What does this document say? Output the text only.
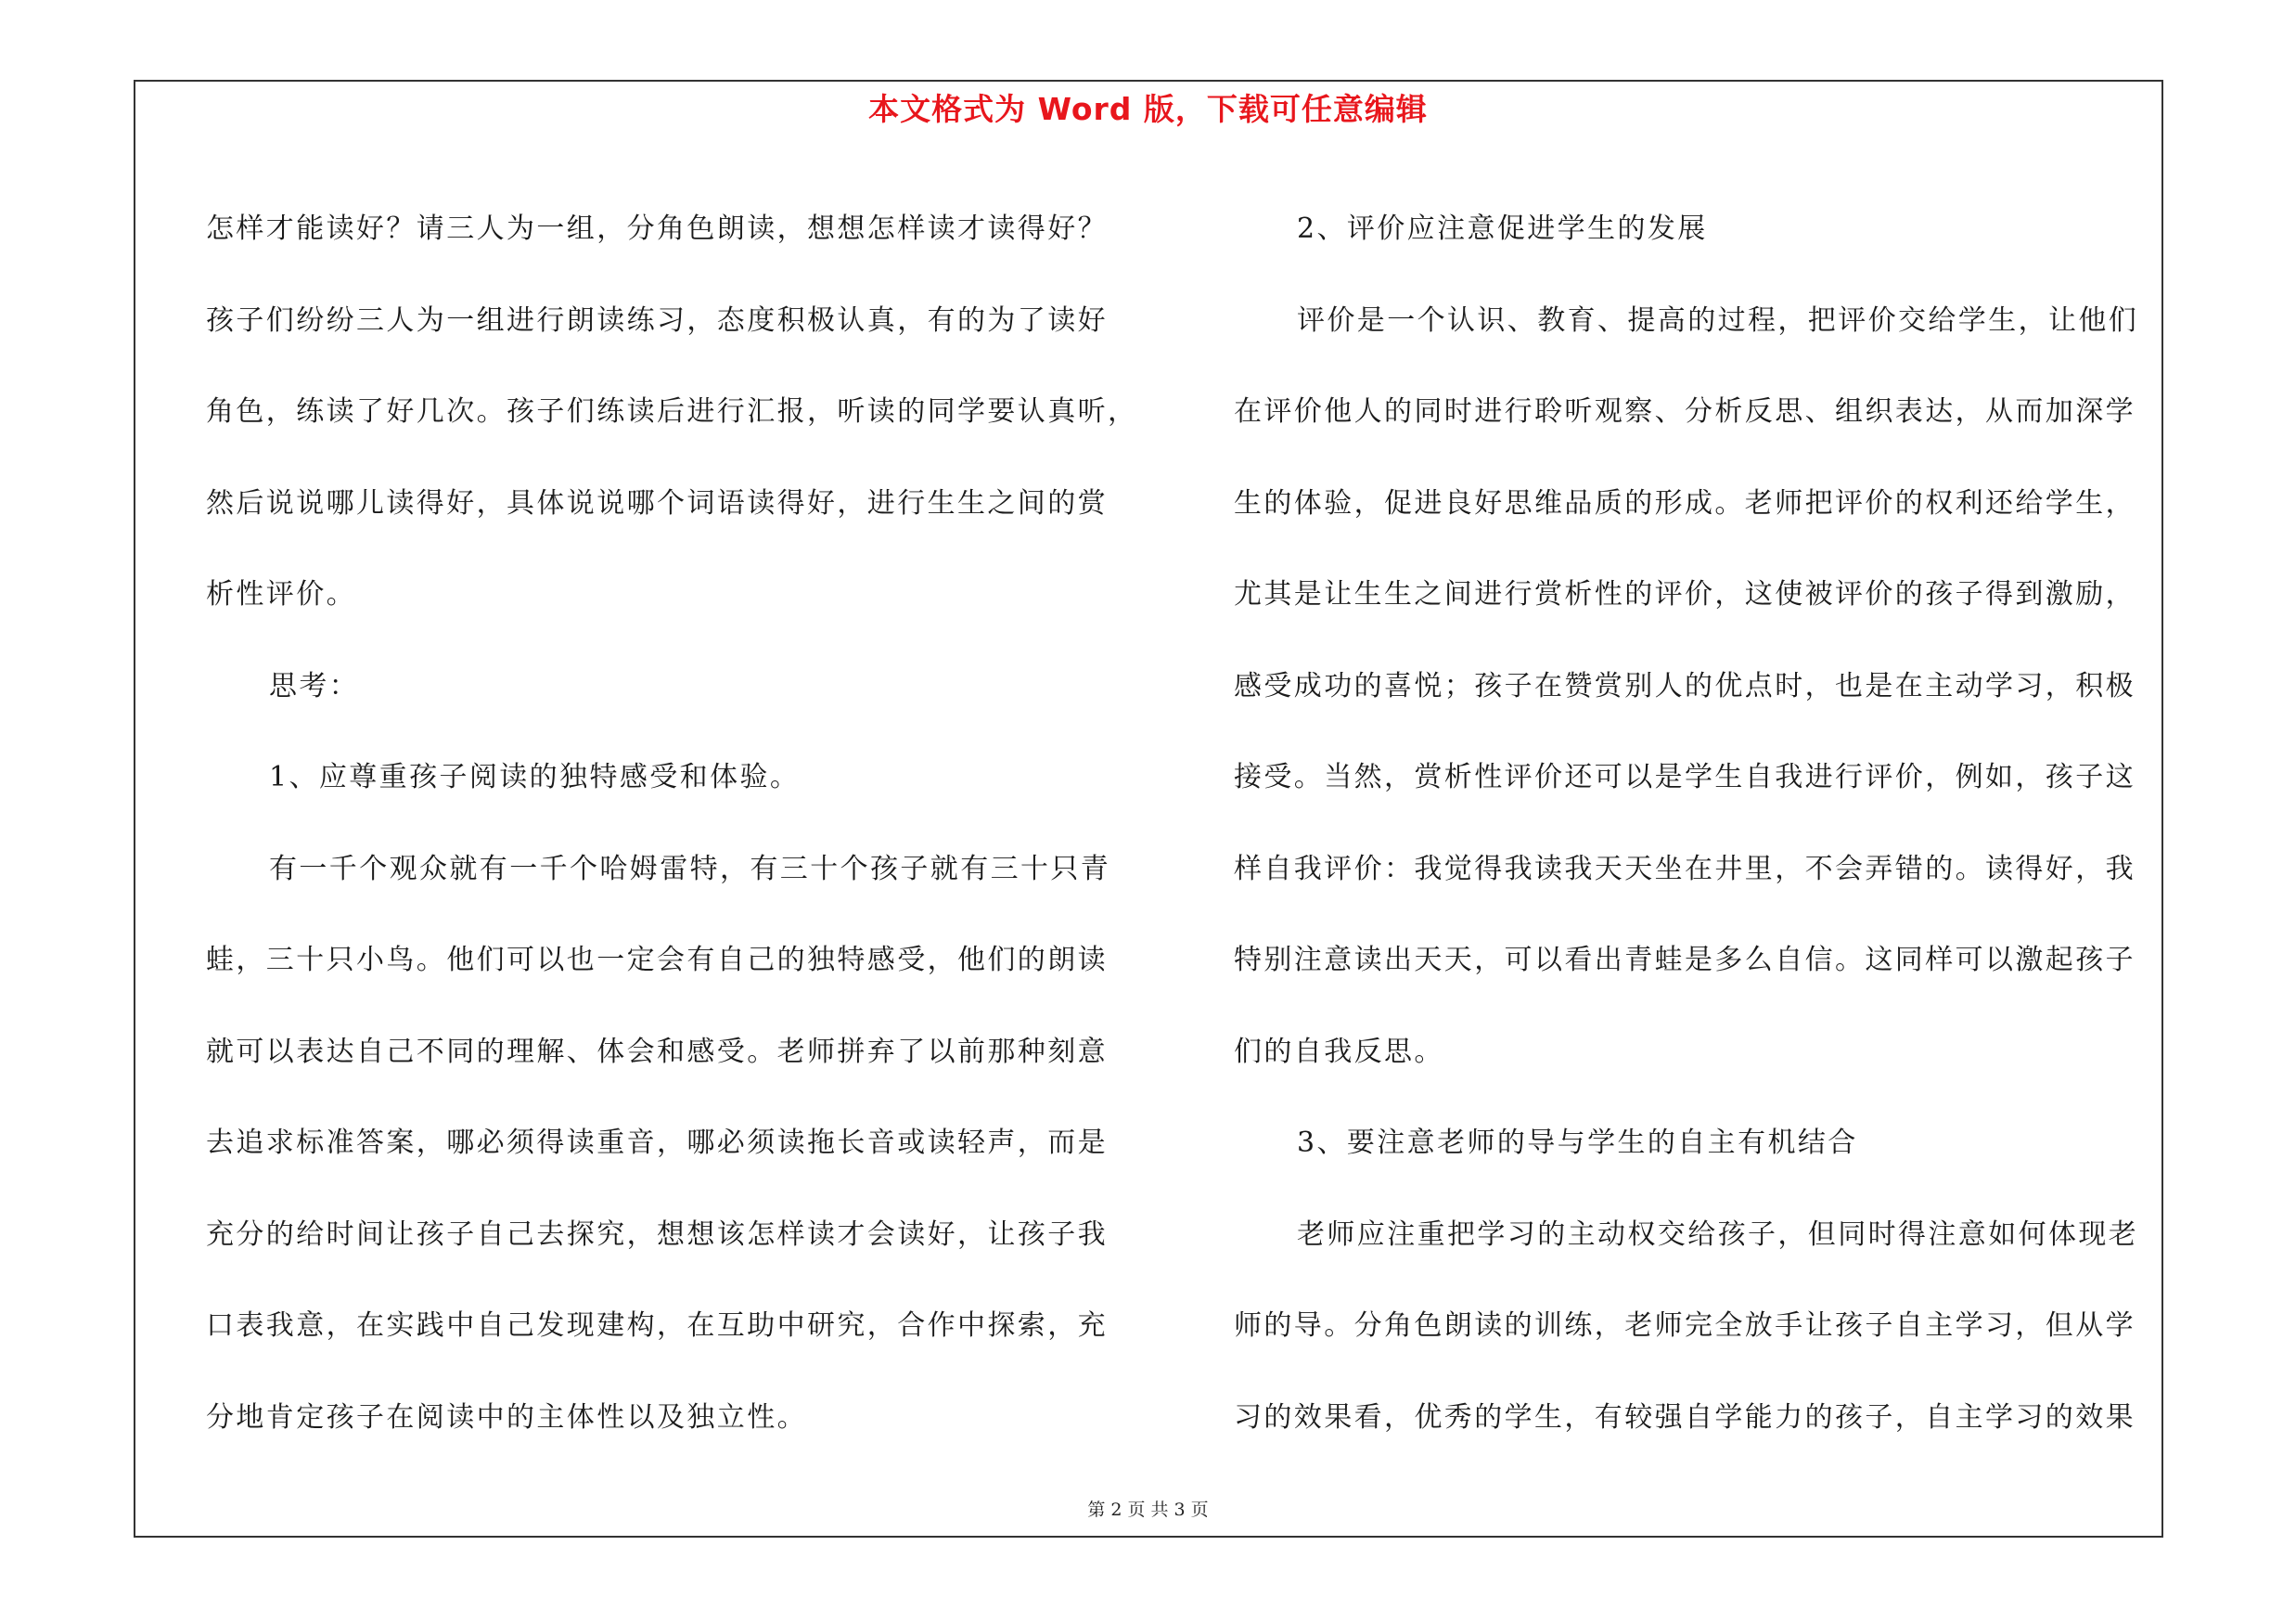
本文格式为 Word 版，下载可任意编辑
怎样才能读好？请三人为一组，分角色朗读，想想怎样读才读得好？
孩子们纷纷三人为一组进行朗读练习，态度积极认真，有的为了读好
角色，练读了好几次。孩子们练读后进行汇报，听读的同学要认真听，
然后说说哪儿读得好，具体说说哪个词语读得好，进行生生之间的赏
析性评价。
思考：
1、应尊重孩子阅读的独特感受和体验。
有一千个观众就有一千个哈姆雷特，有三十个孩子就有三十只青
蛙，三十只小鸟。他们可以也一定会有自己的独特感受，他们的朗读
就可以表达自己不同的理解、体会和感受。老师拼弃了以前那种刻意
去追求标准答案，哪必须得读重音，哪必须读拖长音或读轻声，而是
充分的给时间让孩子自己去探究，想想该怎样读才会读好，让孩子我
口表我意，在实践中自己发现建构，在互助中研究，合作中探索，充
分地肯定孩子在阅读中的主体性以及独立性。
2、评价应注意促进学生的发展
评价是一个认识、教育、提高的过程，把评价交给学生，让他们
在评价他人的同时进行聆听观察、分析反思、组织表达，从而加深学
生的体验，促进良好思维品质的形成。老师把评价的权利还给学生，
尤其是让生生之间进行赏析性的评价，这使被评价的孩子得到激励，
感受成功的喜悦；孩子在赞赏别人的优点时，也是在主动学习，积极
接受。当然，赏析性评价还可以是学生自我进行评价，例如，孩子这
样自我评价：我觉得我读我天天坐在井里，不会弄错的。读得好，我
特别注意读出天天，可以看出青蛙是多么自信。这同样可以激起孩子
们的自我反思。
3、要注意老师的导与学生的自主有机结合
老师应注重把学习的主动权交给孩子，但同时得注意如何体现老
师的导。分角色朗读的训练，老师完全放手让孩子自主学习，但从学
习的效果看，优秀的学生，有较强自学能力的孩子，自主学习的效果
第 2 页 共 3 页
